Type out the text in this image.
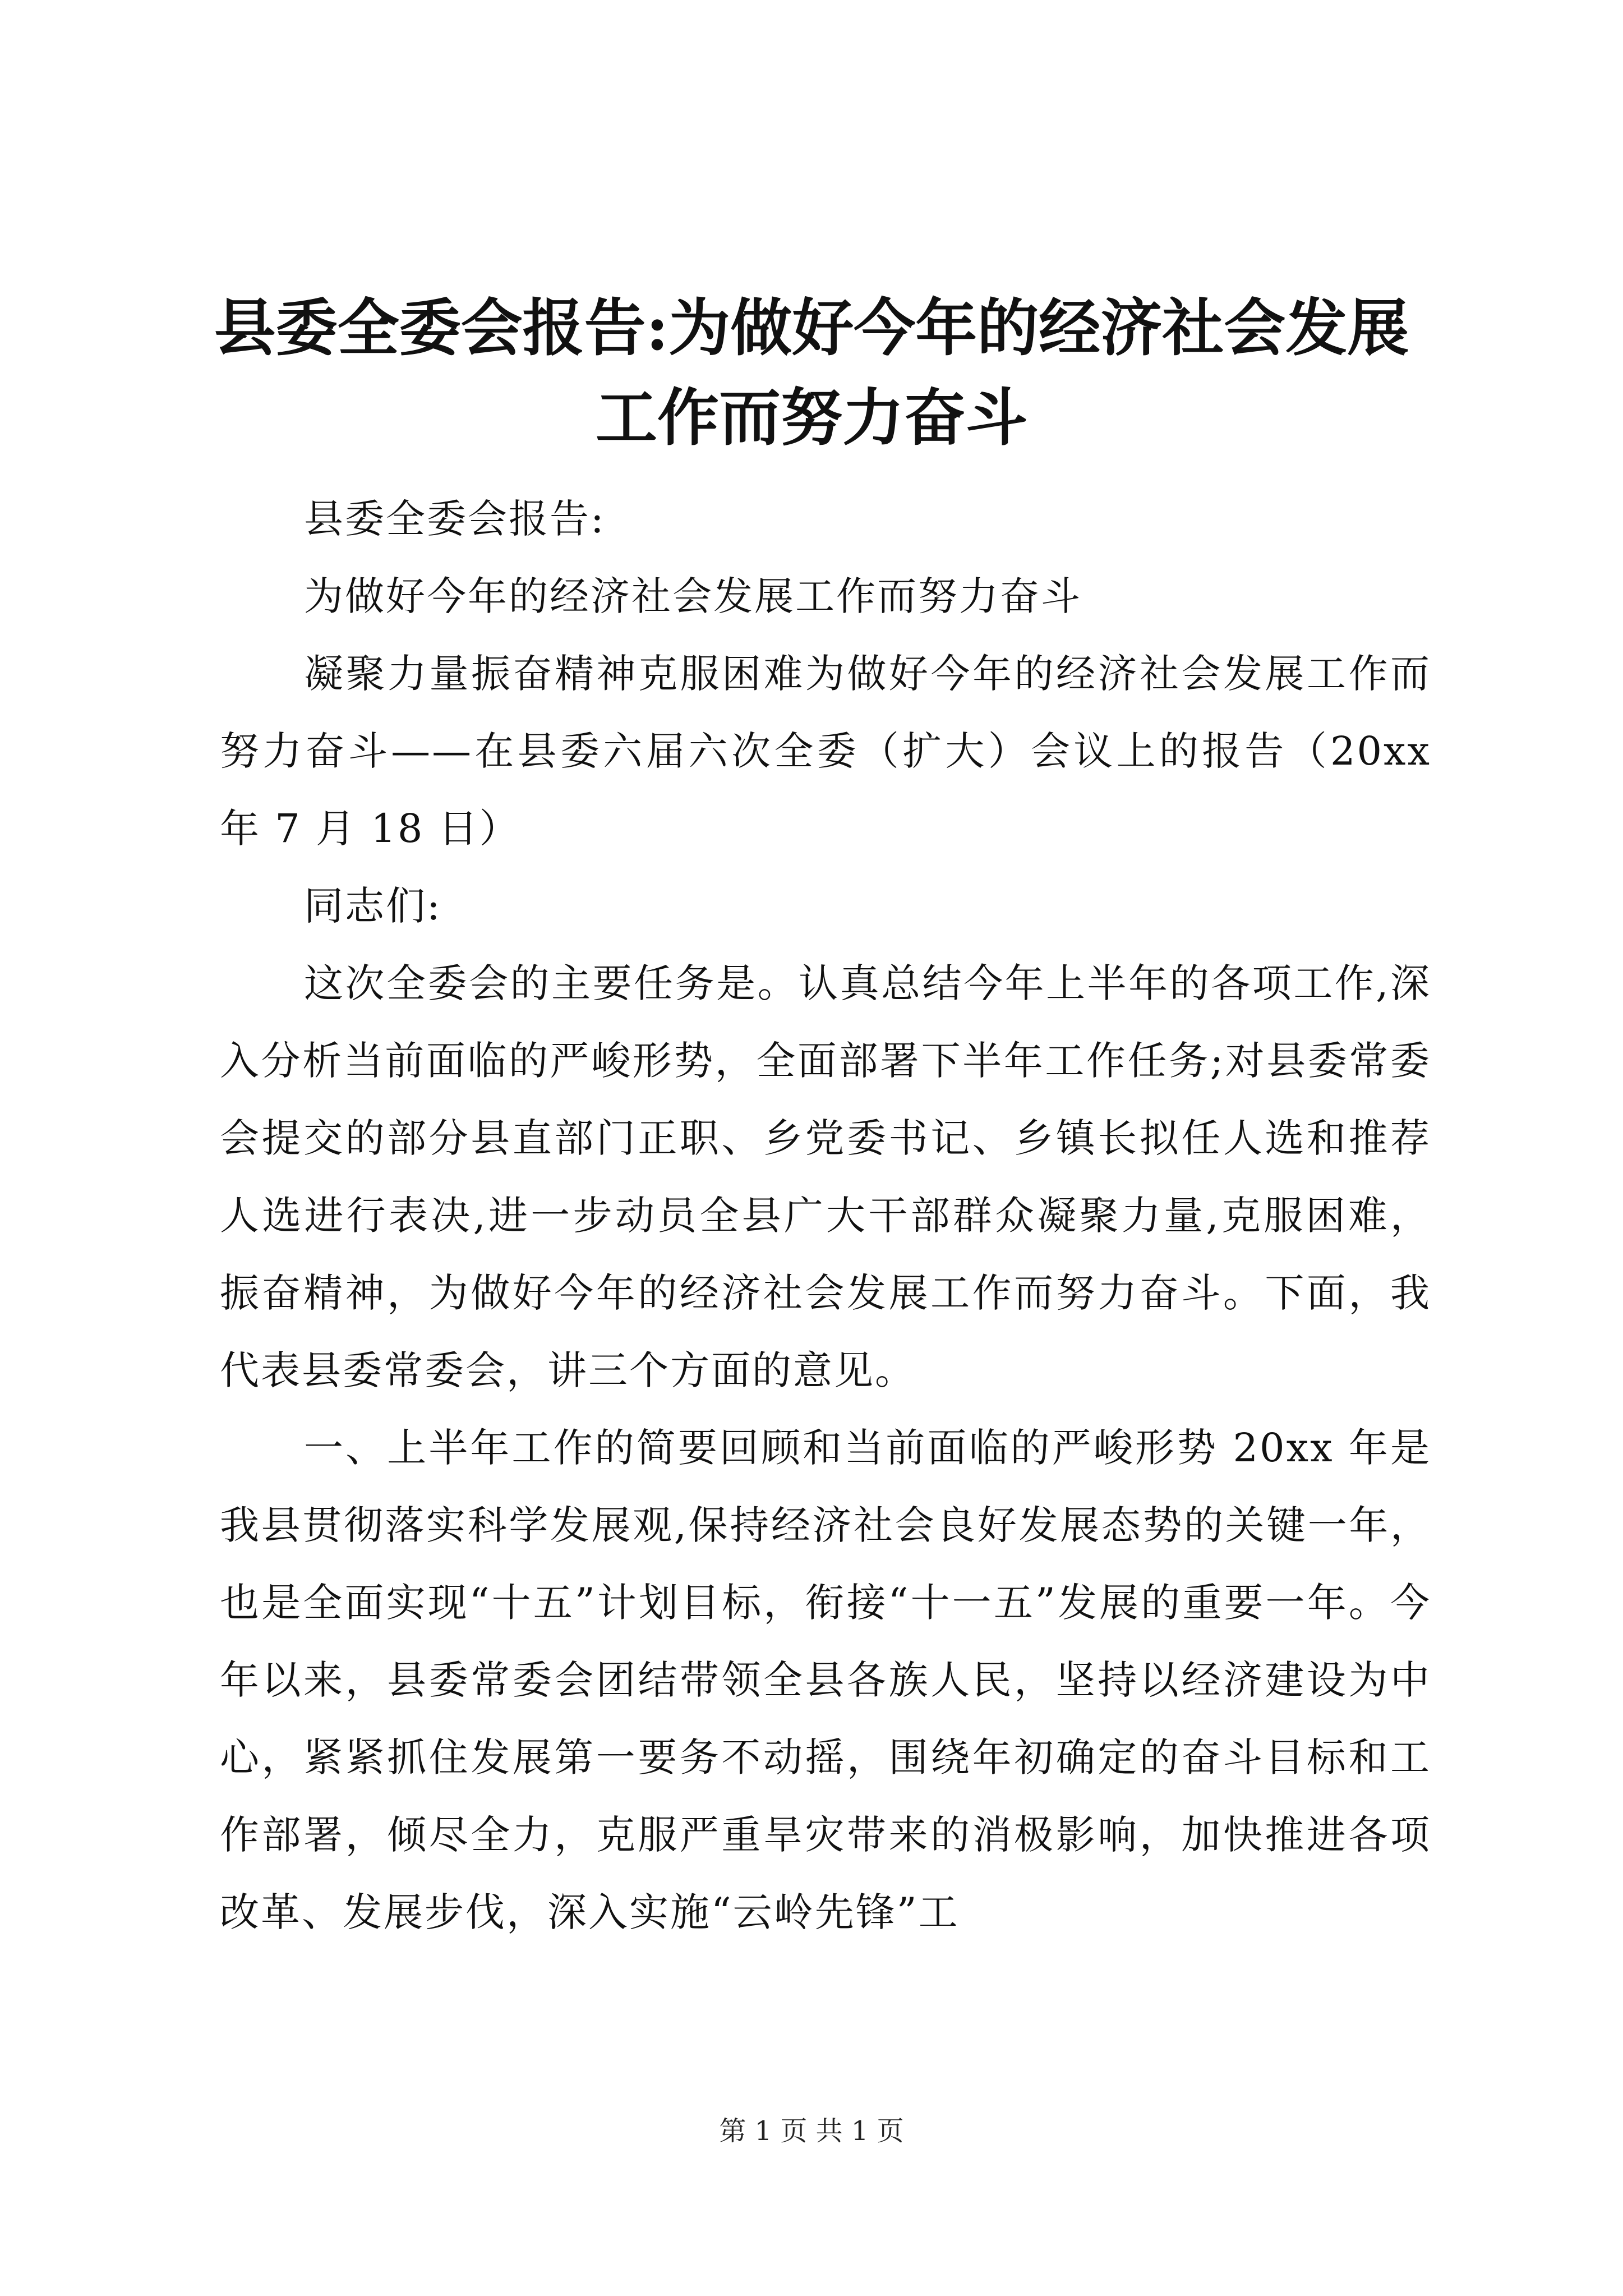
县委全委会报告:为做好今年的经济社会发展
工作而努力奋斗

县委全委会报告:

为做好今年的经济社会发展工作而努力奋斗

凝聚力量振奋精神克服困难为做好今年的经济社会发展工作而努力奋斗——在县委六届六次全委（扩大）会议上的报告（20xx 年 7 月 18 日）

同志们:

这次全委会的主要任务是。认真总结今年上半年的各项工作,深入分析当前面临的严峻形势，全面部署下半年工作任务;对县委常委会提交的部分县直部门正职、乡党委书记、乡镇长拟任人选和推荐人选进行表决,进一步动员全县广大干部群众凝聚力量,克服困难，振奋精神，为做好今年的经济社会发展工作而努力奋斗。下面，我代表县委常委会，讲三个方面的意见。

一、上半年工作的简要回顾和当前面临的严峻形势 20xx 年是我县贯彻落实科学发展观,保持经济社会良好发展态势的关键一年，也是全面实现“十五”计划目标，衔接“十一五”发展的重要一年。今年以来，县委常委会团结带领全县各族人民，坚持以经济建设为中心，紧紧抓住发展第一要务不动摇，围绕年初确定的奋斗目标和工作部署，倾尽全力，克服严重旱灾带来的消极影响，加快推进各项改革、发展步伐，深入实施“云岭先锋”工

第 1 页 共 1 页
